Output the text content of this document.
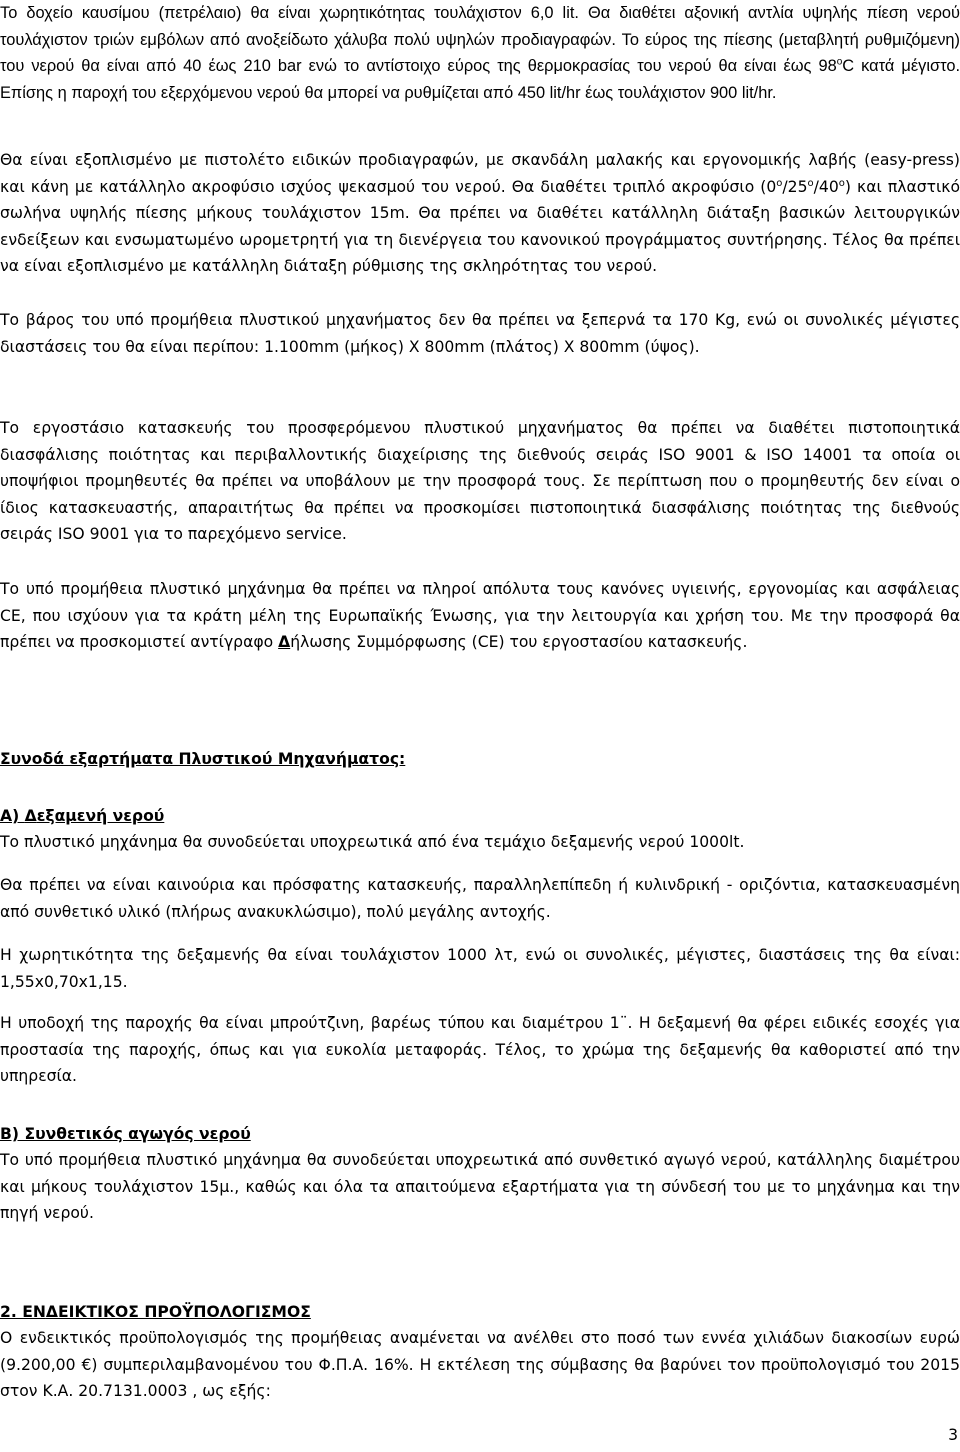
Το δοχείο καυσίμου (πετρέλαιο) θα είναι χωρητικότητας τουλάχιστον 6,0 lit. Θα διαθέτει αξονική αντλία υψηλής πίεση νερού τουλάχιστον τριών εμβόλων από ανοξείδωτο χάλυβα πολύ υψηλών προδιαγραφών. Το εύρος της πίεσης (μεταβλητή ρυθμιζόμενη) του νερού θα είναι από 40 έως 210 bar ενώ το αντίστοιχο εύρος της θερμοκρασίας του νερού θα είναι έως 98$^o$C κατά μέγιστο. Επίσης η παροχή του εξερχόμενου νερού θα μπορεί να ρυθμίζεται από 450 lit/hr έως τουλάχιστον 900 lit/hr.

Θα είναι εξοπλισμένο με πιστολέτο ειδικών προδιαγραφών, με σκανδάλη μαλακής και εργονομικής λαβής (easy-press) και κάνη με κατάλληλο ακροφύσιο ισχύος ψεκασμού του νερού. Θα διαθέτει τριπλό ακροφύσιο (0$^o$/25$^o$/40$^o$) και πλαστικό σωλήνα υψηλής πίεσης μήκους τουλάχιστον 15m. Θα πρέπει να διαθέτει κατάλληλη διάταξη βασικών λειτουργικών ενδείξεων και ενσωματωμένο ωρομετρητή για τη διενέργεια του κανονικού προγράμματος συντήρησης. Τέλος θα πρέπει να είναι εξοπλισμένο με κατάλληλη διάταξη ρύθμισης της σκληρότητας του νερού.

Το βάρος του υπό προμήθεια πλυστικού μηχανήματος δεν θα πρέπει να ξεπερνά τα 170 Kg, ενώ οι συνολικές μέγιστες διαστάσεις του θα είναι περίπου: 1.100mm (μήκος) Χ 800mm (πλάτος) Χ 800mm (ύψος).

Το εργοστάσιο κατασκευής του προσφερόμενου πλυστικού μηχανήματος θα πρέπει να διαθέτει πιστοποιητικά διασφάλισης ποιότητας και περιβαλλοντικής διαχείρισης της διεθνούς σειράς ISO 9001 & ISO 14001 τα οποία οι υποψήφιοι προμηθευτές θα πρέπει να υποβάλουν με την προσφορά τους. Σε περίπτωση που ο προμηθευτής δεν είναι ο ίδιος κατασκευαστής, απαραιτήτως θα πρέπει να προσκομίσει πιστοποιητικά διασφάλισης ποιότητας της διεθνούς σειράς ISO 9001 για το παρεχόμενο service.

Το υπό προμήθεια πλυστικό μηχάνημα θα πρέπει να πληροί απόλυτα τους κανόνες υγιεινής, εργονομίας και ασφάλειας CE, που ισχύουν για τα κράτη μέλη της Ευρωπαϊκής Ένωσης, για την λειτουργία και χρήση του. Με την προσφορά θα πρέπει να προσκομιστεί αντίγραφο Δήλωσης Συμμόρφωσης (CE) του εργοστασίου κατασκευής.

Συνοδά εξαρτήματα Πλυστικού Μηχανήματος:

Α) Δεξαμενή νερού

Το πλυστικό μηχάνημα θα συνοδεύεται υποχρεωτικά από ένα τεμάχιο δεξαμενής νερού 1000lt.

Θα πρέπει να είναι καινούρια και πρόσφατης κατασκευής, παραλληλεπίπεδη ή κυλινδρική - οριζόντια, κατασκευασμένη από συνθετικό υλικό (πλήρως ανακυκλώσιμο), πολύ μεγάλης αντοχής.

Η χωρητικότητα της δεξαμενής θα είναι τουλάχιστον 1000 λτ, ενώ οι συνολικές, μέγιστες, διαστάσεις της θα είναι: 1,55x0,70x1,15.

Η υποδοχή της παροχής θα είναι μπρούτζινη, βαρέως τύπου και διαμέτρου 1¨. Η δεξαμενή θα φέρει ειδικές εσοχές για προστασία της παροχής, όπως και για ευκολία μεταφοράς. Τέλος, το χρώμα της δεξαμενής θα καθοριστεί από την υπηρεσία.

Β) Συνθετικός αγωγός νερού

Το υπό προμήθεια πλυστικό μηχάνημα θα συνοδεύεται υποχρεωτικά από συνθετικό αγωγό νερού, κατάλληλης διαμέτρου και μήκους τουλάχιστον 15μ., καθώς και όλα τα απαιτούμενα εξαρτήματα για τη σύνδεσή του με το μηχάνημα και την πηγή νερού.

2. ΕΝΔΕΙΚΤΙΚΟΣ ΠΡΟΫΠΟΛΟΓΙΣΜΟΣ

Ο ενδεικτικός προϋπολογισμός της προμήθειας αναμένεται να ανέλθει στο ποσό των εννέα χιλιάδων διακοσίων ευρώ (9.200,00 €) συμπεριλαμβανομένου του Φ.Π.Α. 16%. Η εκτέλεση της σύμβασης θα βαρύνει τον προϋπολογισμό του 2015 στον Κ.Α. 20.7131.0003 , ως εξής:

3
